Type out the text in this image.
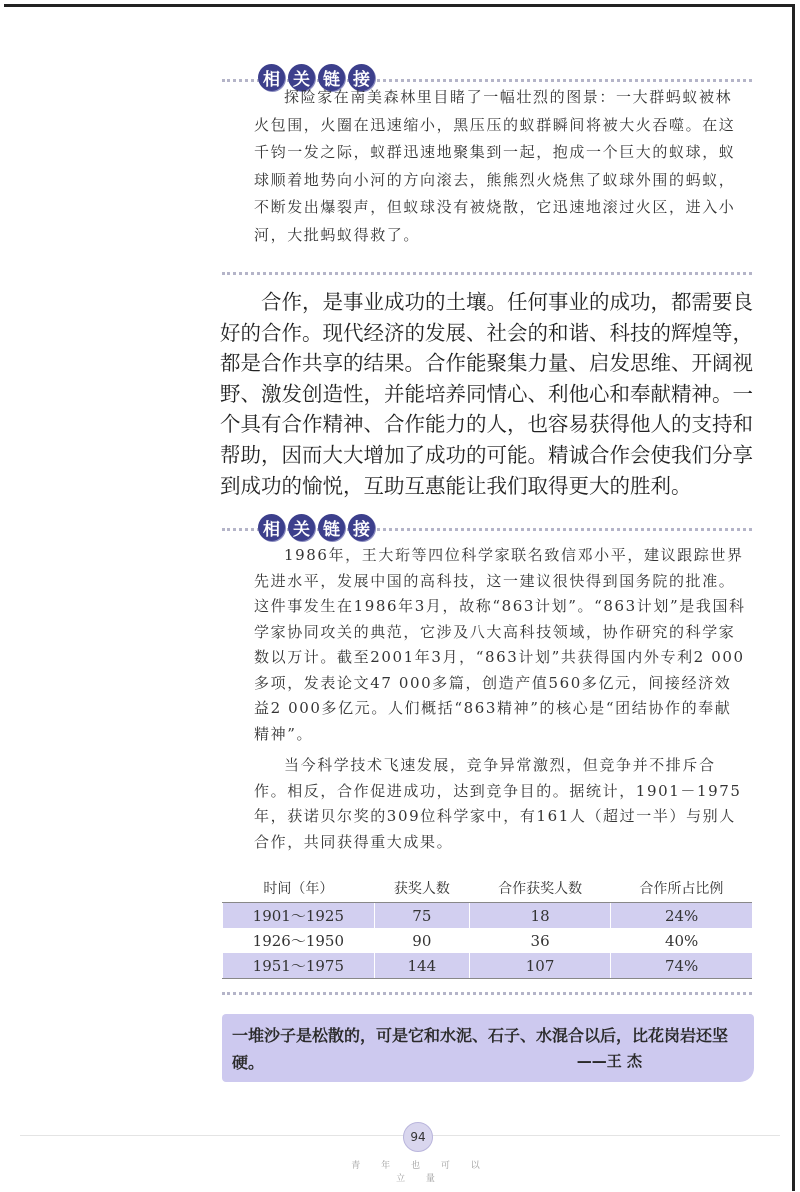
相 关 链 接

探险家在南美森林里目睹了一幅壮烈的图景：一大群蚂蚁被林火包围，火圈在迅速缩小，黑压压的蚁群瞬间将被大火吞噬。在这千钧一发之际，蚁群迅速地聚集到一起，抱成一个巨大的蚁球，蚁球顺着地势向小河的方向滚去，熊熊烈火烧焦了蚁球外围的蚂蚁，不断发出爆裂声，但蚁球没有被烧散，它迅速地滚过火区，进入小河，大批蚂蚁得救了。

合作，是事业成功的土壤。任何事业的成功，都需要良好的合作。现代经济的发展、社会的和谐、科技的辉煌等，都是合作共享的结果。合作能聚集力量、启发思维、开阔视野、激发创造性，并能培养同情心、利他心和奉献精神。一个具有合作精神、合作能力的人，也容易获得他人的支持和帮助，因而大大增加了成功的可能。精诚合作会使我们分享到成功的愉悦，互助互惠能让我们取得更大的胜利。

相 关 链 接

1986年，王大珩等四位科学家联名致信邓小平，建议跟踪世界先进水平，发展中国的高科技，这一建议很快得到国务院的批准。这件事发生在1986年3月，故称“863计划”。“863计划”是我国科学家协同攻关的典范，它涉及八大高科技领域，协作研究的科学家数以万计。截至2001年3月，“863计划”共获得国内外专利2 000多项，发表论文47 000多篇，创造产值560多亿元，间接经济效益2 000多亿元。人们概括“863精神”的核心是“团结协作的奉献精神”。

当今科学技术飞速发展，竞争异常激烈，但竞争并不排斥合作。相反，合作促进成功，达到竞争目的。据统计，1901－1975年，获诺贝尔奖的309位科学家中，有161人（超过一半）与别人合作，共同获得重大成果。

时间（年）	获奖人数	合作获奖人数	合作所占比例
1901～1925	75	18	24%
1926～1950	90	36	40%
1951～1975	144	107	74%
一堆沙子是松散的，可是它和水泥、石子、水混合以后，比花岗岩还坚硬。	——王 杰
94
青 年 也 可 以 立 量
